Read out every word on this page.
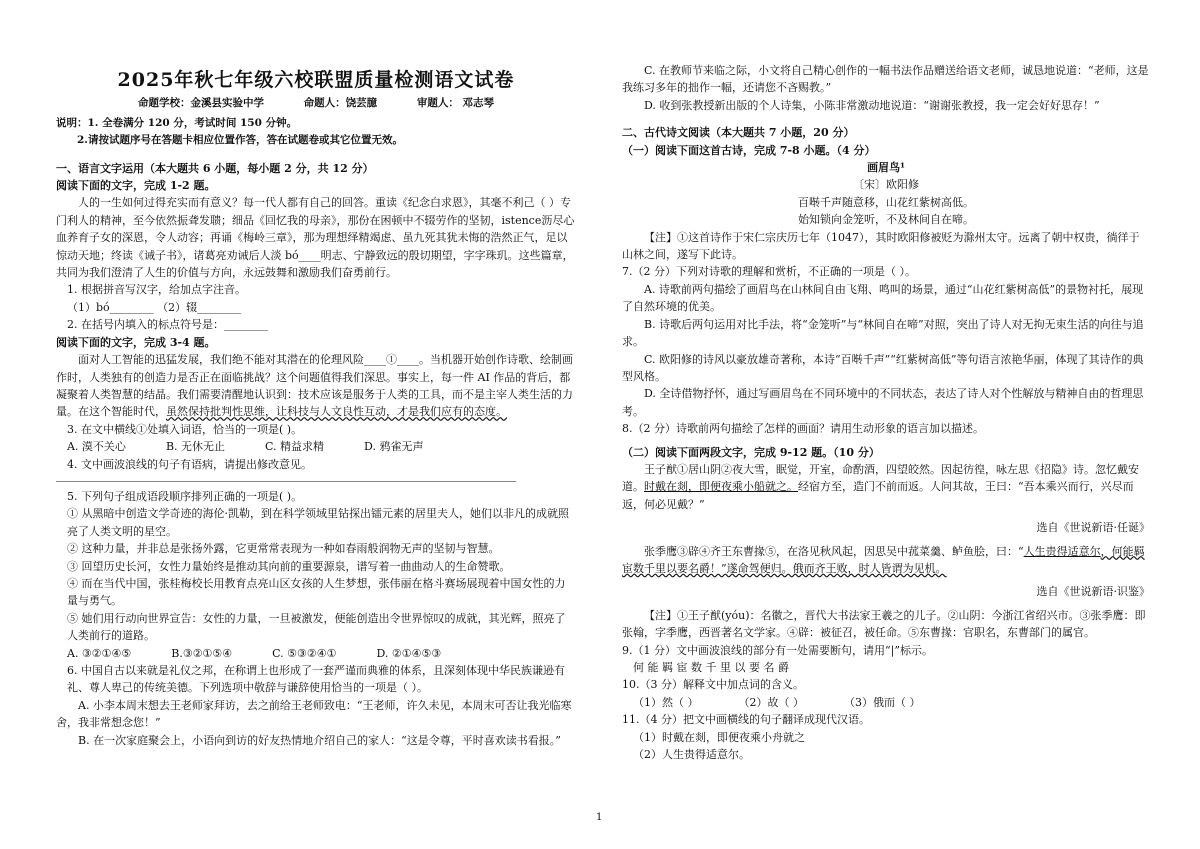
2025年秋七年级六校联盟质量检测语文试卷
命题学校：金溪县实验中学	命题人：饶芸臆	审题人： 邓志琴
说明：1. 全卷满分 120 分，考试时间 150 分钟。
2.请按试题序号在答题卡相应位置作答，答在试题卷或其它位置无效。
一、语言文字运用（本大题共 6 小题，每小题 2 分，共 12 分）
阅读下面的文字，完成 1-2 题。
人的一生如何过得充实而有意义？每一代人都有自己的回答。重读《纪念白求恩》，其毫不利己（ ）专门利人的精神，至今依然振聋发聩；细品《回忆我的母亲》，那份在困顿中不辍劳作的坚韧，istence沥尽心血养育子女的深恩，令人动容；再诵《梅岭三章》，那为理想绎精竭虑、虽九死其犹未悔的浩然正气，足以惊动天地；终读《诫子书》，诸葛亮劝诫后人淡 bó____明志、宁静致远的殷切期望，字字珠玑。这些篇章，共同为我们澄清了人生的价值与方向，永远鼓舞和激励我们奋勇前行。
1. 根据拼音写汉字，给加点字注音。
（1）bó________ （2）辍________
2. 在括号内填入的标点符号是：________
阅读下面的文字，完成 3-4 题。
面对人工智能的迅猛发展，我们绝不能对其潜在的伦理风险____①____。当机器开始创作诗歌、绘制画作时，人类独有的创造力是否正在面临挑战？这个问题值得我们深思。事实上，每一件 AI 作品的背后，都凝聚着人类智慧的结晶。我们需要清醒地认识到：技术应该是服务于人类的工具，而不是主宰人类生活的力量。在这个智能时代，虽然保持批判性思维，让科技与人文良性互动，才是我们应有的态度。
3. 在文中横线①处填入词语，恰当的一项是( )。
A. 漠不关心	B. 无休无止	C. 精益求精	D. 鸦雀无声
4. 文中画波浪线的句子有语病，请提出修改意见。
5. 下列句子组成语段顺序排列正确的一项是( )。
① 从黑暗中创造文学奇迹的海伦·凯勒，到在科学领域里钻探出镭元素的居里夫人，她们以非凡的成就照亮了人类文明的星空。
② 这种力量，并非总是张扬外露，它更常常表现为一种如春雨般润物无声的坚韧与智慧。
③ 回望历史长河，女性力量始终是推动其向前的重要源泉，谱写着一曲曲动人的生命赞歌。
④ 而在当代中国，张桂梅校长用教育点亮山区女孩的人生梦想，张伟丽在格斗赛场展现着中国女性的力量与勇气。
⑤ 她们用行动向世界宣告：女性的力量，一旦被激发，便能创造出令世界惊叹的成就，其光辉，照亮了人类前行的道路。
A. ③②①④⑤	B.③②①⑤④	C. ⑤③②④①	D. ②①④⑤③
6. 中国自古以来就是礼仪之邦，在称谓上也形成了一套严谨而典雅的体系，且深刻体现中华民族谦逊有礼、尊人卑己的传统美德。下列选项中敬辞与谦辞使用恰当的一项是（ ）。
A. 小李本周末想去王老师家拜访，去之前给王老师致电：“王老师，许久未见，本周末可否让我光临寒舍，我非常想念您！”
B. 在一次家庭聚会上，小语向到访的好友热情地介绍自己的家人：“这是令尊，平时喜欢读书看报。”
C. 在教师节来临之际，小文将自己精心创作的一幅书法作品赠送给语文老师，诚恳地说道：“老师，这是我练习多年的拙作一幅，还请您不吝赐教。”
D. 收到张教授新出版的个人诗集，小陈非常激动地说道：“谢谢张教授，我一定会好好思存！”
二、古代诗文阅读（本大题共 7 小题，20 分）
（一）阅读下面这首古诗，完成 7-8 小题。（4 分）
画眉鸟¹
〔宋〕欧阳修
百啭千声随意移，山花红紫树高低。
始知锁向金笼听，不及林间自在啼。
【注】①这首诗作于宋仁宗庆历七年（1047），其时欧阳修被贬为滁州太守。远离了朝中权贵，徜徉于山林之间，遂写下此诗。
7.（2 分）下列对诗歌的理解和赏析，不正确的一项是（ ）。
A. 诗歌前两句描绘了画眉鸟在山林间自由飞翔、鸣叫的场景，通过“山花红紫树高低”的景物衬托，展现了自然环境的优美。
B. 诗歌后两句运用对比手法，将“金笼听”与“林间自在啼”对照，突出了诗人对无拘无束生活的向往与追求。
C. 欧阳修的诗风以豪放雄奇著称，本诗“百啭千声”“红紫树高低”等句语言浓艳华丽，体现了其诗作的典型风格。
D. 全诗借物抒怀，通过写画眉鸟在不同环境中的不同状态，表达了诗人对个性解放与精神自由的哲理思考。
8.（2 分）诗歌前两句描绘了怎样的画面？请用生动形象的语言加以描述。
（二）阅读下面两段文字，完成 9-12 题。（10 分）
王子猷①居山阴②夜大雪，眠觉，开室，命酌酒，四望皎然。因起彷徨，咏左思《招隐》诗。忽忆戴安道。时戴在剡，即便夜乘小船就之。经宿方至，造门不前而返。人问其故，王曰：“吾本乘兴而行，兴尽而返，何必见戴？”
选自《世说新语·任诞》
张季鹰③辟④齐王东曹掾⑤，在洛见秋风起，因思吴中菰菜羹、鲈鱼脍，曰：“人生贵得适意尔，何能羁宦数千里以要名爵！”遂命驾便归。俄而齐王败，时人皆谓为见机。
选自《世说新语·识鉴》
【注】①王子猷(yóu)：名徽之，晋代大书法家王羲之的儿子。②山阴：今浙江省绍兴市。③张季鹰：即张翰，字季鹰，西晋著名文学家。④辟：被征召，被任命。⑤东曹掾：官职名，东曹部门的属官。
9.（1 分）文中画波浪线的部分有一处需要断句，请用“|”标示。
何 能 羁 宦 数 千 里 以 要 名 爵
10.（3 分）解释文中加点词的含义。
（1）然（ ）	（2）故（ ）	（3）俄而（ ）
11.（4 分）把文中画横线的句子翻译成现代汉语。
（1）时戴在剡，即便夜乘小舟就之
（2）人生贵得适意尔。
1
